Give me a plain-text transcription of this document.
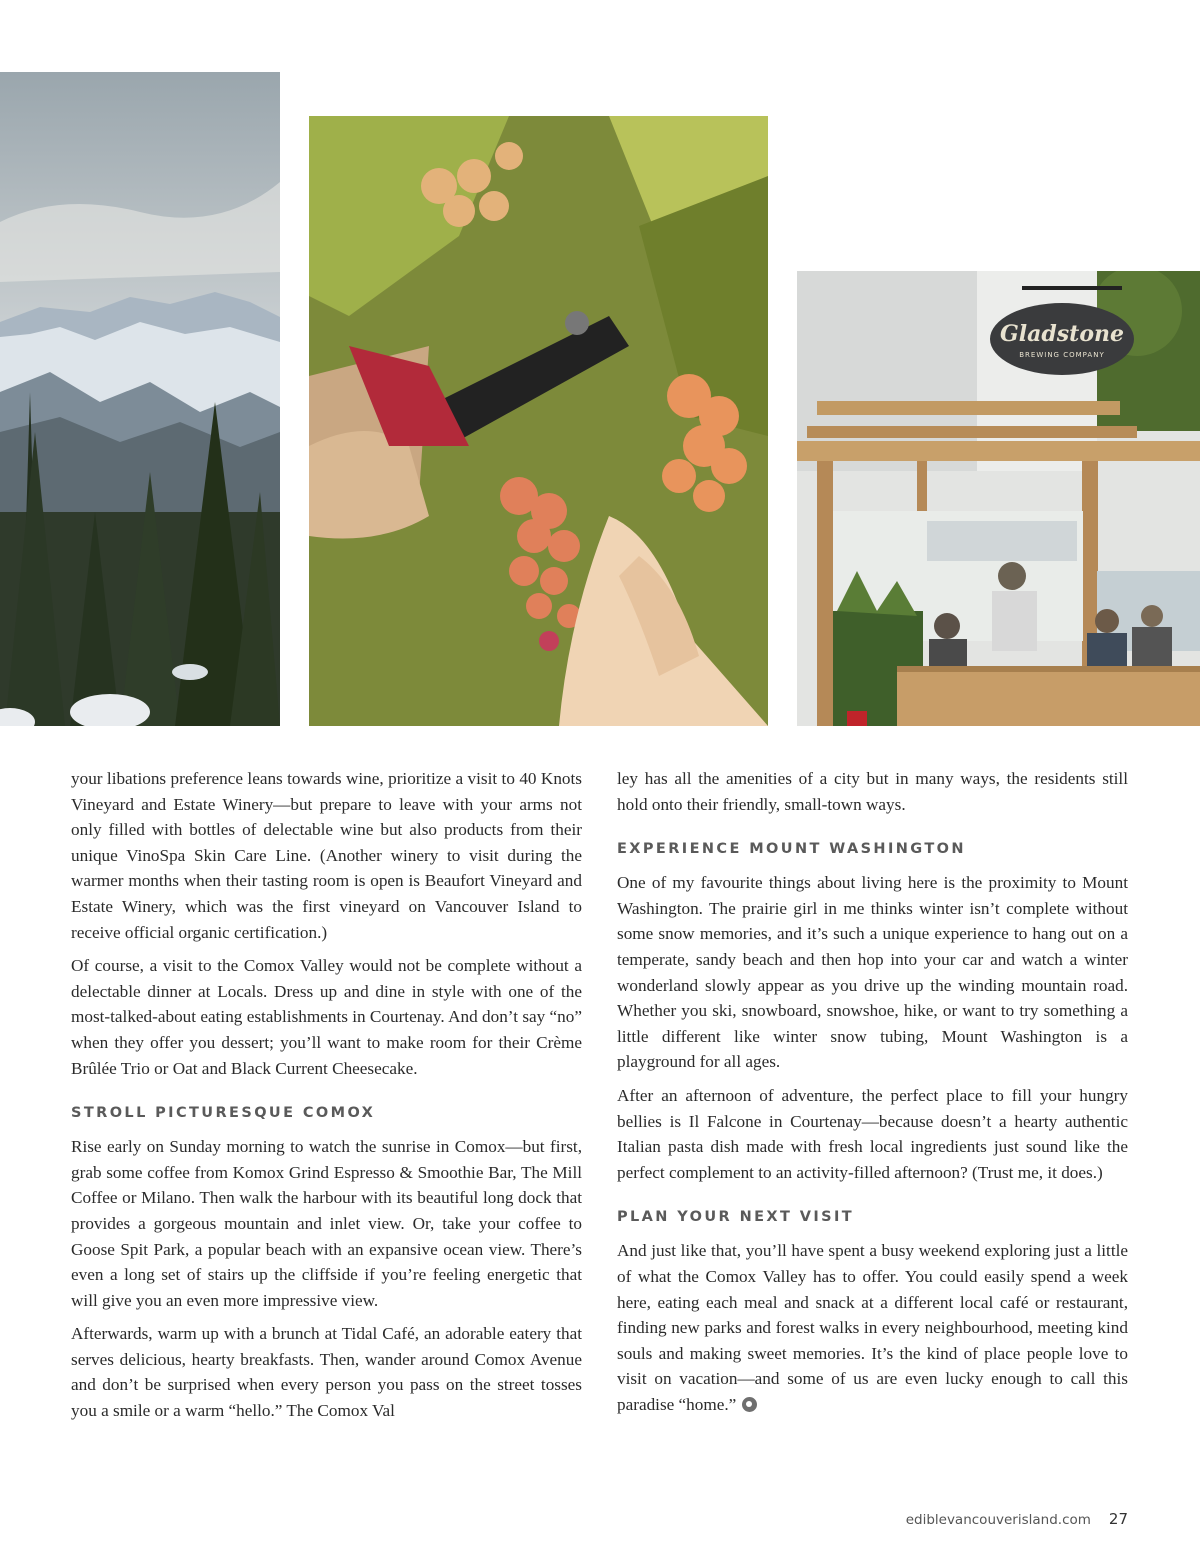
Gladstone
BREWING COMPANY

your libations preference leans towards wine, prioritize a visit to 40 Knots Vineyard and Estate Winery—but prepare to leave with your arms not only filled with bottles of delectable wine but also products from their unique VinoSpa Skin Care Line. (Another winery to visit during the warmer months when their tasting room is open is Beaufort Vineyard and Estate Winery, which was the first vineyard on Vancouver Island to receive official organic certification.)

Of course, a visit to the Comox Valley would not be complete without a delectable dinner at Locals. Dress up and dine in style with one of the most-talked-about eating establishments in Courtenay. And don’t say “no” when they offer you dessert; you’ll want to make room for their Crème Brûlée Trio or Oat and Black Current Cheesecake.

STROLL PICTURESQUE COMOX

Rise early on Sunday morning to watch the sunrise in Comox—but first, grab some coffee from Komox Grind Espresso & Smoothie Bar, The Mill Coffee or Milano. Then walk the harbour with its beautiful long dock that provides a gorgeous mountain and inlet view. Or, take your coffee to Goose Spit Park, a popular beach with an expansive ocean view. There’s even a long set of stairs up the cliffside if you’re feeling energetic that will give you an even more impressive view.

Afterwards, warm up with a brunch at Tidal Café, an adorable eatery that serves delicious, hearty breakfasts. Then, wander around Comox Avenue and don’t be surprised when every person you pass on the street tosses you a smile or a warm “hello.” The Comox Val

ley has all the amenities of a city but in many ways, the residents still hold onto their friendly, small-town ways.

EXPERIENCE MOUNT WASHINGTON

One of my favourite things about living here is the proximity to Mount Washington. The prairie girl in me thinks winter isn’t complete without some snow memories, and it’s such a unique experience to hang out on a temperate, sandy beach and then hop into your car and watch a winter wonderland slowly appear as you drive up the winding mountain road. Whether you ski, snowboard, snowshoe, hike, or want to try something a little different like winter snow tubing, Mount Washington is a playground for all ages.

After an afternoon of adventure, the perfect place to fill your hungry bellies is Il Falcone in Courtenay—because doesn’t a hearty authentic Italian pasta dish made with fresh local ingredients just sound like the perfect complement to an activity-filled afternoon? (Trust me, it does.)

PLAN YOUR NEXT VISIT

And just like that, you’ll have spent a busy weekend exploring just a little of what the Comox Valley has to offer. You could easily spend a week here, eating each meal and snack at a different local café or restaurant, finding new parks and forest walks in every neighbourhood, meeting kind souls and making sweet memories. It’s the kind of place people love to visit on vacation—and some of us are even lucky enough to call this paradise “home.”

ediblevancouverisland.com 27
